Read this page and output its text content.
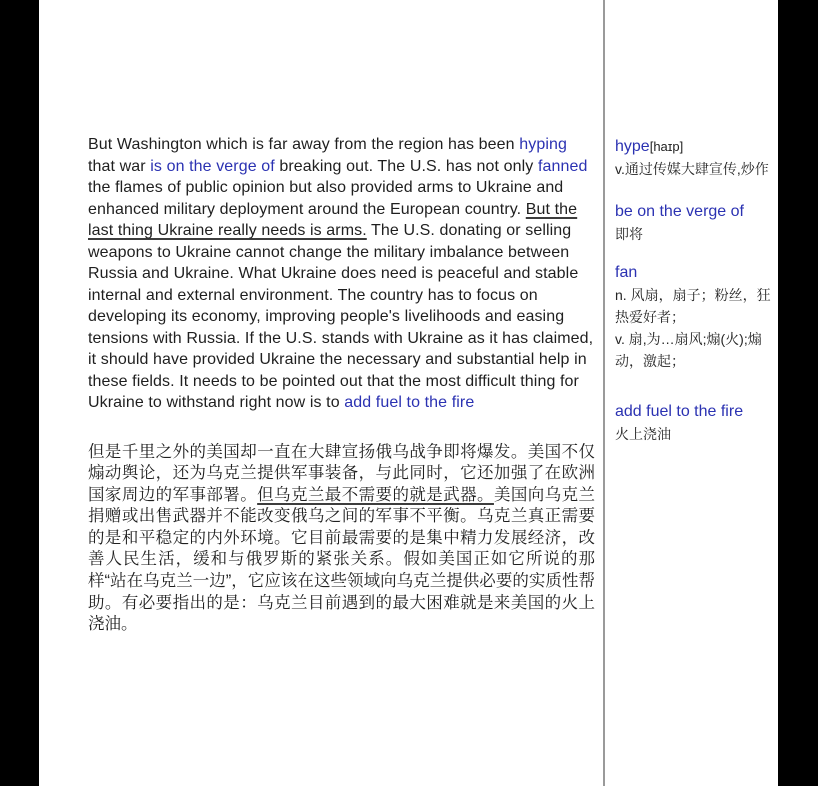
But Washington which is far away from the region has been hyping that war is on the verge of breaking out. The U.S. has not only fanned the flames of public opinion but also provided arms to Ukraine and enhanced military deployment around the European country. But the last thing Ukraine really needs is arms. The U.S. donating or selling weapons to Ukraine cannot change the military imbalance between Russia and Ukraine. What Ukraine does need is peaceful and stable internal and external environment. The country has to focus on developing its economy, improving people's livelihoods and easing tensions with Russia. If the U.S. stands with Ukraine as it has claimed, it should have provided Ukraine the necessary and substantial help in these fields. It needs to be pointed out that the most difficult thing for Ukraine to withstand right now is to add fuel to the fire

但是千里之外的美国却一直在大肆宣扬俄乌战争即将爆发。美国不仅煽动舆论，还为乌克兰提供军事装备，与此同时，它还加强了在欧洲国家周边的军事部署。但乌克兰最不需要的就是武器。美国向乌克兰捐赠或出售武器并不能改变俄乌之间的军事不平衡。乌克兰真正需要的是和平稳定的内外环境。它目前最需要的是集中精力发展经济，改善人民生活，缓和与俄罗斯的紧张关系。假如美国正如它所说的那样“站在乌克兰一边”，它应该在这些领域向乌克兰提供必要的实质性帮助。有必要指出的是：乌克兰目前遇到的最大困难就是来美国的火上浇油。

hype[haɪp]

v.通过传媒大肆宣传,炒作

be on the verge of

即将

fan

n. 风扇，扇子；粉丝，狂热爱好者；

v. 扇,为…扇风;煽(火);煽动，激起；

add fuel to the fire

火上浇油
